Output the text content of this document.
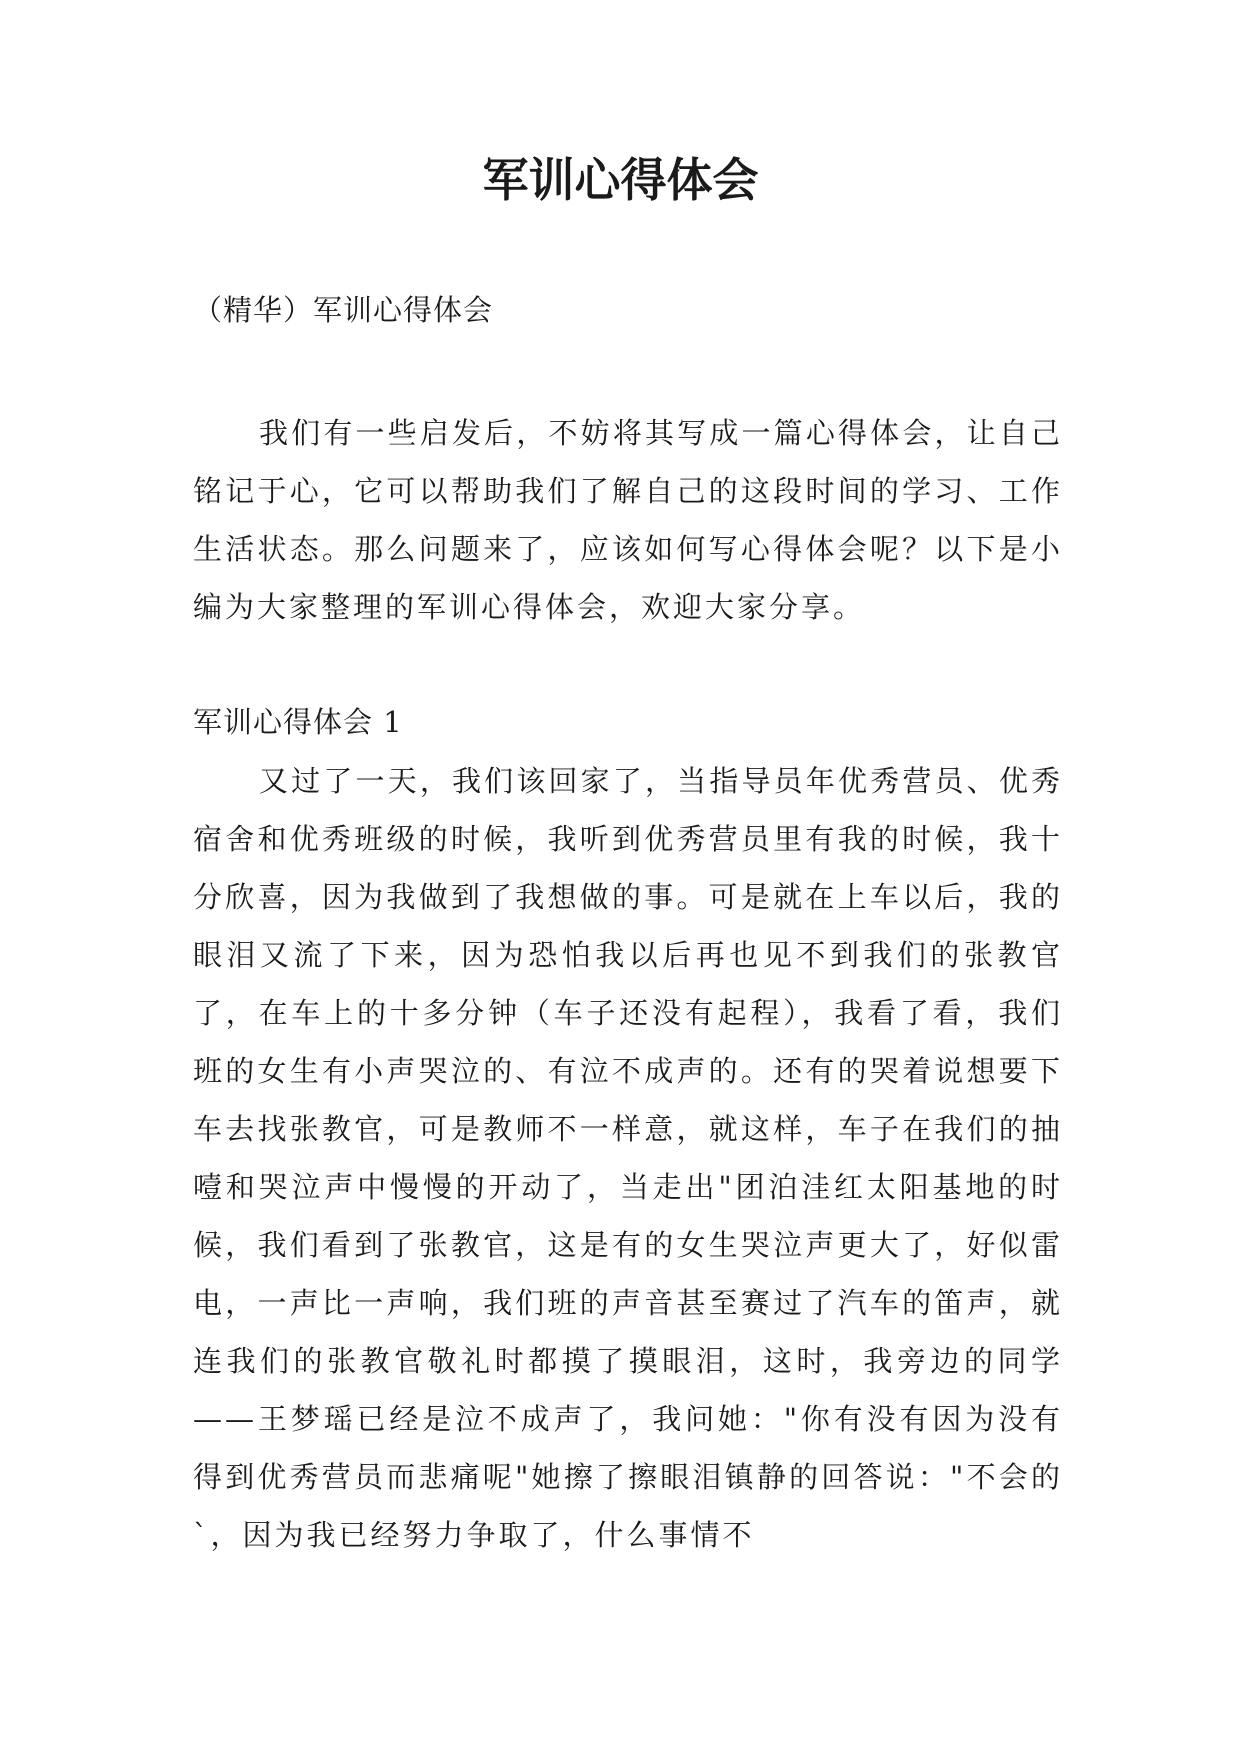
军训心得体会

（精华）军训心得体会

我们有一些启发后，不妨将其写成一篇心得体会，让自己铭记于心，它可以帮助我们了解自己的这段时间的学习、工作生活状态。那么问题来了，应该如何写心得体会呢？以下是小编为大家整理的军训心得体会，欢迎大家分享。

军训心得体会 1

又过了一天，我们该回家了，当指导员年优秀营员、优秀宿舍和优秀班级的时候，我听到优秀营员里有我的时候，我十分欣喜，因为我做到了我想做的事。可是就在上车以后，我的眼泪又流了下来，因为恐怕我以后再也见不到我们的张教官了，在车上的十多分钟（车子还没有起程），我看了看，我们班的女生有小声哭泣的、有泣不成声的。还有的哭着说想要下车去找张教官，可是教师不一样意，就这样，车子在我们的抽噎和哭泣声中慢慢的开动了，当走出"团泊洼红太阳基地的时候，我们看到了张教官，这是有的女生哭泣声更大了，好似雷电，一声比一声响，我们班的声音甚至赛过了汽车的笛声，就连我们的张教官敬礼时都摸了摸眼泪，这时，我旁边的同学——王梦瑶已经是泣不成声了，我问她："你有没有因为没有得到优秀营员而悲痛呢"她擦了擦眼泪镇静的回答说："不会的`，因为我已经努力争取了，什么事情不
